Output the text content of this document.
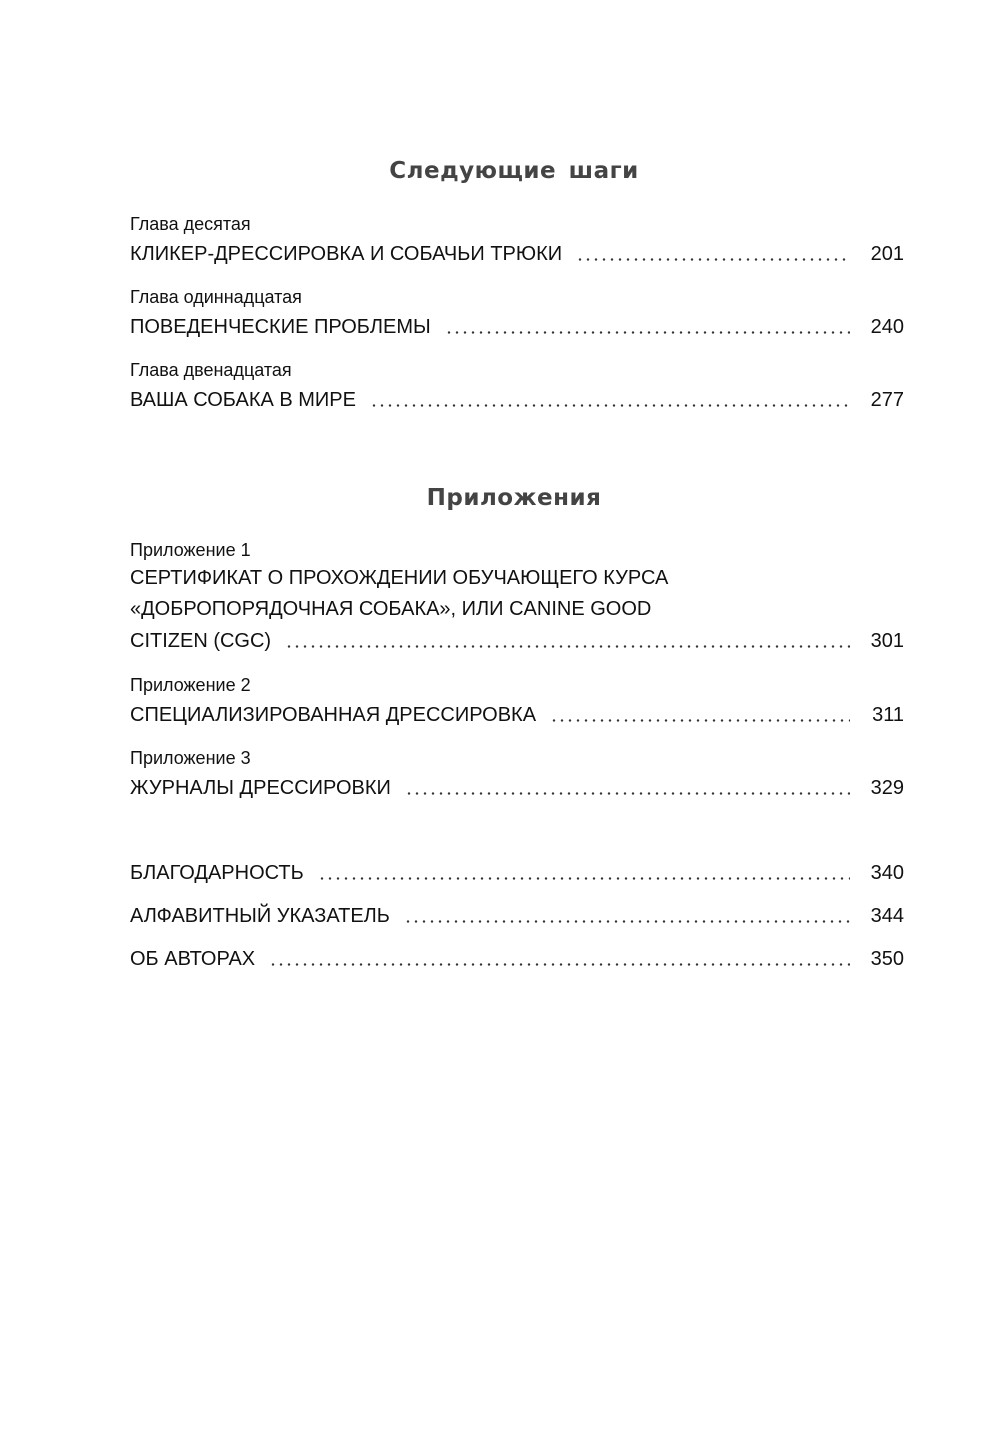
Следующие шаги
Глава десятая
КЛИКЕР-ДРЕССИРОВКА И СОБАЧЬИ ТРЮКИ	201
Глава одиннадцатая
ПОВЕДЕНЧЕСКИЕ ПРОБЛЕМЫ	240
Глава двенадцатая
ВАША СОБАКА В МИРЕ	277
Приложения
Приложение 1
СЕРТИФИКАТ О ПРОХОЖДЕНИИ ОБУЧАЮЩЕГО КУРСА
«ДОБРОПОРЯДОЧНАЯ СОБАКА», ИЛИ CANINE GOOD
CITIZEN (CGC)	301
Приложение 2
СПЕЦИАЛИЗИРОВАННАЯ ДРЕССИРОВКА	311
Приложение 3
ЖУРНАЛЫ ДРЕССИРОВКИ	329
БЛАГОДАРНОСТЬ	340
АЛФАВИТНЫЙ УКАЗАТЕЛЬ	344
ОБ АВТОРАХ	350
